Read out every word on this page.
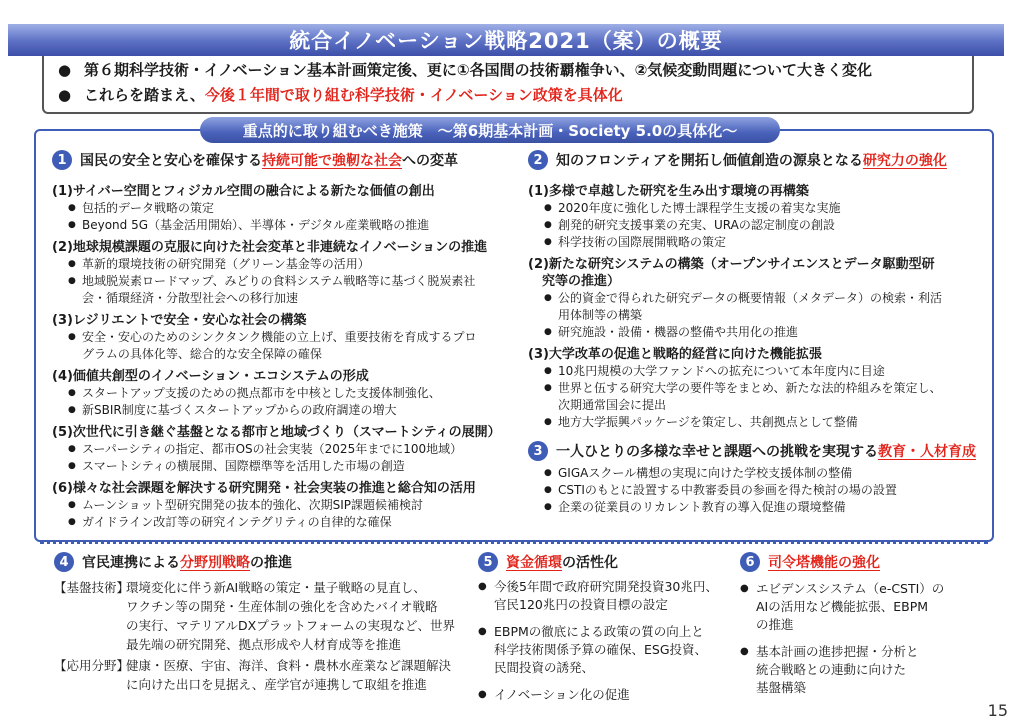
統合イノベーション戦略2021（案）の概要
● 第６期科学技術・イノベーション基本計画策定後、更に①各国間の技術覇権争い、②気候変動問題について大きく変化
● これらを踏まえ、今後１年間で取り組む科学技術・イノベーション政策を具体化
重点的に取り組むべき施策　～第6期基本計画・Society 5.0の具体化～
1 国民の安全と安心を確保する 持続可能で強靭な社会 への変革
(1)サイバー空間とフィジカル空間の融合による新たな価値の創出
● 包括的データ戦略の策定
● Beyond 5G（基金活用開始）、半導体・デジタル産業戦略の推進
(2)地球規模課題の克服に向けた社会変革と非連続なイノベーションの推進
● 革新的環境技術の研究開発（グリーン基金等の活用）
● 地域脱炭素ロードマップ、みどりの食料システム戦略等に基づく脱炭素社
会・循環経済・分散型社会への移行加速
(3)レジリエントで安全・安心な社会の構築
● 安全・安心のためのシンクタンク機能の立上げ、重要技術を育成するプロ
グラムの具体化等、総合的な安全保障の確保
(4)価値共創型のイノベーション・エコシステムの形成
● スタートアップ支援のための拠点都市を中核とした支援体制強化、
● 新SBIR制度に基づくスタートアップからの政府調達の増大
(5)次世代に引き継ぐ基盤となる都市と地域づくり（スマートシティの展開）
● スーパーシティの指定、都市OSの社会実装（2025年までに100地域）
● スマートシティの横展開、国際標準等を活用した市場の創造
(6)様々な社会課題を解決する研究開発・社会実装の推進と総合知の活用
● ムーンショット型研究開発の抜本的強化、次期SIP課題候補検討
● ガイドライン改訂等の研究インテグリティの自律的な確保
2 知のフロンティアを開拓し価値創造の源泉となる 研究力の強化
(1)多様で卓越した研究を生み出す環境の再構築
● 2020年度に強化した博士課程学生支援の着実な実施
● 創発的研究支援事業の充実、URAの認定制度の創設
● 科学技術の国際展開戦略の策定
(2)新たな研究システムの構築（オープンサイエンスとデータ駆動型研
究等の推進）
● 公的資金で得られた研究データの概要情報（メタデータ）の検索・利活
用体制等の構築
● 研究施設・設備・機器の整備や共用化の推進
(3)大学改革の促進と戦略的経営に向けた機能拡張
● 10兆円規模の大学ファンドへの拡充について本年度内に目途
● 世界と伍する研究大学の要件等をまとめ、新たな法的枠組みを策定し、
次期通常国会に提出
● 地方大学振興パッケージを策定し、共創拠点として整備
3 一人ひとりの多様な幸せと課題への挑戦を実現する 教育・人材育成
● GIGAスクール構想の実現に向けた学校支援体制の整備
● CSTIのもとに設置する中教審委員の参画を得た検討の場の設置
● 企業の従業員のリカレント教育の導入促進の環境整備
4 官民連携による 分野別戦略 の推進
【基盤技術】
環境変化に伴う新AI戦略の策定・量子戦略の見直し、
ワクチン等の開発・生産体制の強化を含めたバイオ戦略
の実行、マテリアルDXプラットフォームの実現など、世界
最先端の研究開発、拠点形成や人材育成等を推進
【応用分野】
健康・医療、宇宙、海洋、食料・農林水産業など課題解決
に向けた出口を見据え、産学官が連携して取組を推進
5 資金循環 の活性化
● 今後5年間で政府研究開発投資30兆円、
官民120兆円の投資目標の設定
● EBPMの徹底による政策の質の向上と
科学技術関係予算の確保、ESG投資、
民間投資の誘発、
● イノベーション化の促進
6 司令塔機能の強化
● エビデンスシステム（e-CSTI）の
AIの活用など機能拡張、EBPM
の推進
● 基本計画の進捗把握・分析と
統合戦略との連動に向けた
基盤構築
15
